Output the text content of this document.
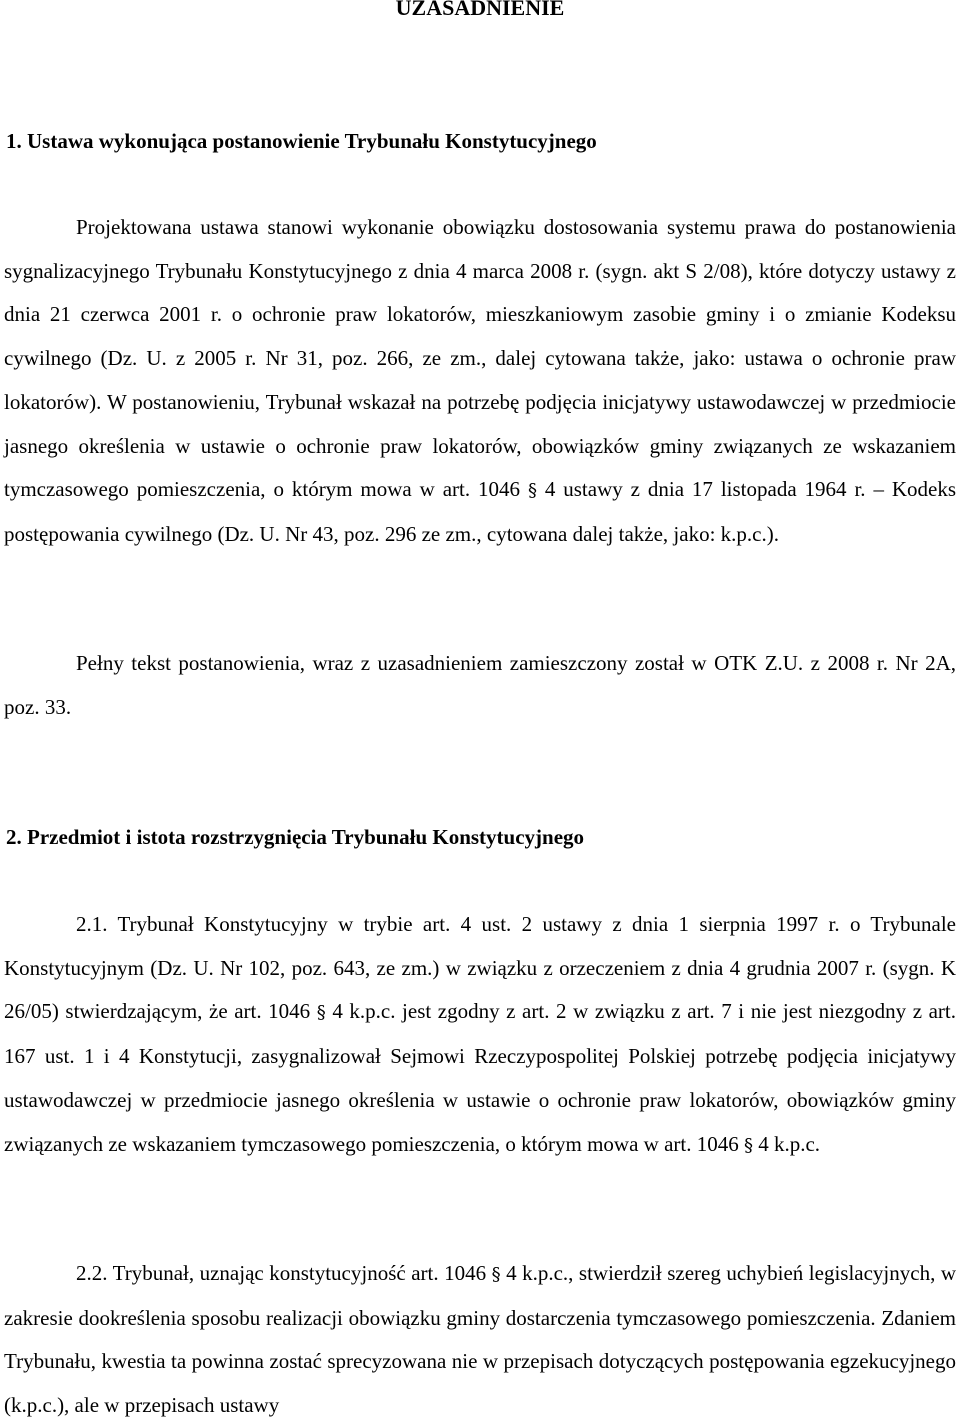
UZASADNIENIE
1. Ustawa wykonująca postanowienie Trybunału Konstytucyjnego

Projektowana ustawa stanowi wykonanie obowiązku dostosowania systemu prawa do postanowienia sygnalizacyjnego Trybunału Konstytucyjnego z dnia 4 marca 2008 r. (sygn. akt S 2/08), które dotyczy ustawy z dnia 21 czerwca 2001 r. o ochronie praw lokatorów, mieszkaniowym zasobie gminy i o zmianie Kodeksu cywilnego (Dz. U. z 2005 r. Nr 31, poz. 266, ze zm., dalej cytowana także, jako: ustawa o ochronie praw lokatorów). W postanowieniu, Trybunał wskazał na potrzebę podjęcia inicjatywy ustawodawczej w przedmiocie jasnego określenia w ustawie o ochronie praw lokatorów, obowiązków gminy związanych ze wskazaniem tymczasowego pomieszczenia, o którym mowa w art. 1046 § 4 ustawy z dnia 17 listopada 1964 r. – Kodeks postępowania cywilnego (Dz. U. Nr 43, poz. 296 ze zm., cytowana dalej także, jako: k.p.c.).

Pełny tekst postanowienia, wraz z uzasadnieniem zamieszczony został w OTK Z.U. z 2008 r. Nr 2A, poz. 33.

2. Przedmiot i istota rozstrzygnięcia Trybunału Konstytucyjnego

2.1. Trybunał Konstytucyjny w trybie art. 4 ust. 2 ustawy z dnia 1 sierpnia 1997 r. o Trybunale Konstytucyjnym (Dz. U. Nr 102, poz. 643, ze zm.) w związku z orzeczeniem z dnia 4 grudnia 2007 r. (sygn. K 26/05) stwierdzającym, że art. 1046 § 4 k.p.c. jest zgodny z art. 2 w związku z art. 7 i nie jest niezgodny z art. 167 ust. 1 i 4 Konstytucji, zasygnalizował Sejmowi Rzeczypospolitej Polskiej potrzebę podjęcia inicjatywy ustawodawczej w przedmiocie jasnego określenia w ustawie o ochronie praw lokatorów, obowiązków gminy związanych ze wskazaniem tymczasowego pomieszczenia, o którym mowa w art. 1046 § 4 k.p.c.

2.2. Trybunał, uznając konstytucyjność art. 1046 § 4 k.p.c., stwierdził szereg uchybień legislacyjnych, w zakresie dookreślenia sposobu realizacji obowiązku gminy dostarczenia tymczasowego pomieszczenia. Zdaniem Trybunału, kwestia ta powinna zostać sprecyzowana nie w przepisach dotyczących postępowania egzekucyjnego (k.p.c.), ale w przepisach ustawy
